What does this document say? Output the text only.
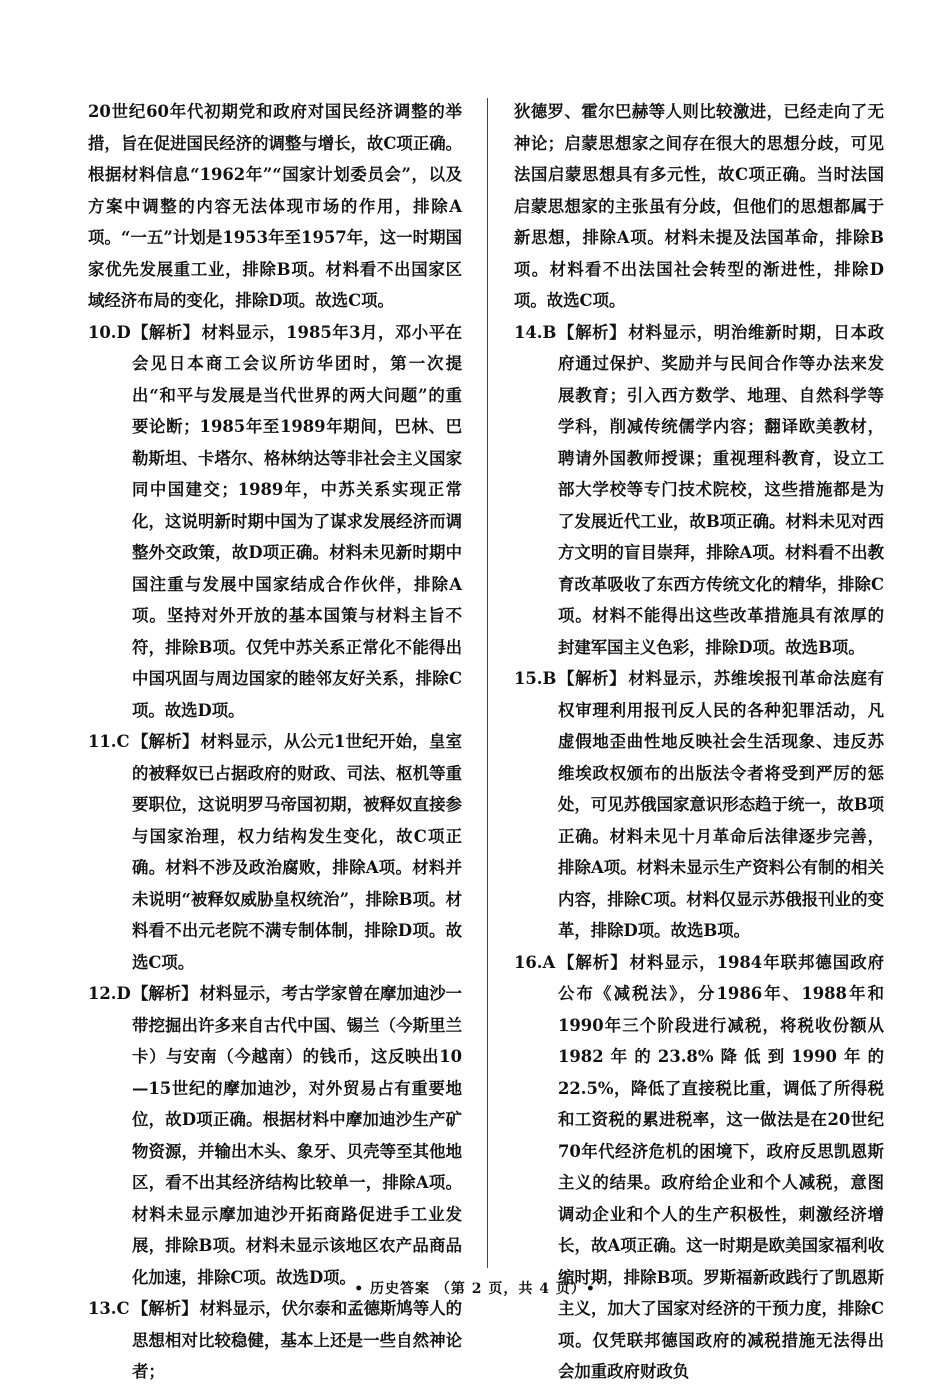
20世纪60年代初期党和政府对国民经济调整的举措，旨在促进国民经济的调整与增长，故C项正确。根据材料信息“1962年”“国家计划委员会”，以及方案中调整的内容无法体现市场的作用，排除A项。“一五”计划是1953年至1957年，这一时期国家优先发展重工业，排除B项。材料看不出国家区域经济布局的变化，排除D项。故选C项。

10.D 【解析】 材料显示，1985年3月，邓小平在会见日本商工会议所访华团时，第一次提出“和平与发展是当代世界的两大问题”的重要论断；1985年至1989年期间，巴林、巴勒斯坦、卡塔尔、格林纳达等非社会主义国家同中国建交；1989年，中苏关系实现正常化，这说明新时期中国为了谋求发展经济而调整外交政策，故D项正确。材料未见新时期中国注重与发展中国家结成合作伙伴，排除A项。坚持对外开放的基本国策与材料主旨不符，排除B项。仅凭中苏关系正常化不能得出中国巩固与周边国家的睦邻友好关系，排除C项。故选D项。

11.C 【解析】 材料显示，从公元1世纪开始，皇室的被释奴已占据政府的财政、司法、枢机等重要职位，这说明罗马帝国初期，被释奴直接参与国家治理，权力结构发生变化，故C项正确。材料不涉及政治腐败，排除A项。材料并未说明“被释奴威胁皇权统治”，排除B项。材料看不出元老院不满专制体制，排除D项。故选C项。

12.D 【解析】 材料显示，考古学家曾在摩加迪沙一带挖掘出许多来自古代中国、锡兰（今斯里兰卡）与安南（今越南）的钱币，这反映出10—15世纪的摩加迪沙，对外贸易占有重要地位，故D项正确。根据材料中摩加迪沙生产矿物资源，并输出木头、象牙、贝壳等至其他地区，看不出其经济结构比较单一，排除A项。材料未显示摩加迪沙开拓商路促进手工业发展，排除B项。材料未显示该地区农产品商品化加速，排除C项。故选D项。

13.C 【解析】 材料显示，伏尔泰和孟德斯鸠等人的思想相对比较稳健，基本上还是一些自然神论者；

狄德罗、霍尔巴赫等人则比较激进，已经走向了无神论；启蒙思想家之间存在很大的思想分歧，可见法国启蒙思想具有多元性，故C项正确。当时法国启蒙思想家的主张虽有分歧，但他们的思想都属于新思想，排除A项。材料未提及法国革命，排除B项。材料看不出法国社会转型的渐进性，排除D项。故选C项。

14.B 【解析】 材料显示，明治维新时期，日本政府通过保护、奖励并与民间合作等办法来发展教育；引入西方数学、地理、自然科学等学科，削减传统儒学内容；翻译欧美教材，聘请外国教师授课；重视理科教育，设立工部大学校等专门技术院校，这些措施都是为了发展近代工业，故B项正确。材料未见对西方文明的盲目崇拜，排除A项。材料看不出教育改革吸收了东西方传统文化的精华，排除C项。材料不能得出这些改革措施具有浓厚的封建军国主义色彩，排除D项。故选B项。

15.B 【解析】 材料显示，苏维埃报刊革命法庭有权审理利用报刊反人民的各种犯罪活动，凡虚假地歪曲性地反映社会生活现象、违反苏维埃政权颁布的出版法令者将受到严厉的惩处，可见苏俄国家意识形态趋于统一，故B项正确。材料未见十月革命后法律逐步完善，排除A项。材料未显示生产资料公有制的相关内容，排除C项。材料仅显示苏俄报刊业的变革，排除D项。故选B项。

16.A 【解析】 材料显示，1984年联邦德国政府公布《减税法》，分1986年、1988年和1990年三个阶段进行减税，将税收份额从1982年的23.8%降低到1990年的22.5%，降低了直接税比重，调低了所得税和工资税的累进税率，这一做法是在20世纪70年代经济危机的困境下，政府反思凯恩斯主义的结果。政府给企业和个人减税，意图调动企业和个人的生产积极性，刺激经济增长，故A项正确。这一时期是欧美国家福利收缩时期，排除B项。罗斯福新政践行了凯恩斯主义，加大了国家对经济的干预力度，排除C项。仅凭联邦德国政府的减税措施无法得出会加重政府财政负

• 历史答案 （第 2 页，共 4 页）•
